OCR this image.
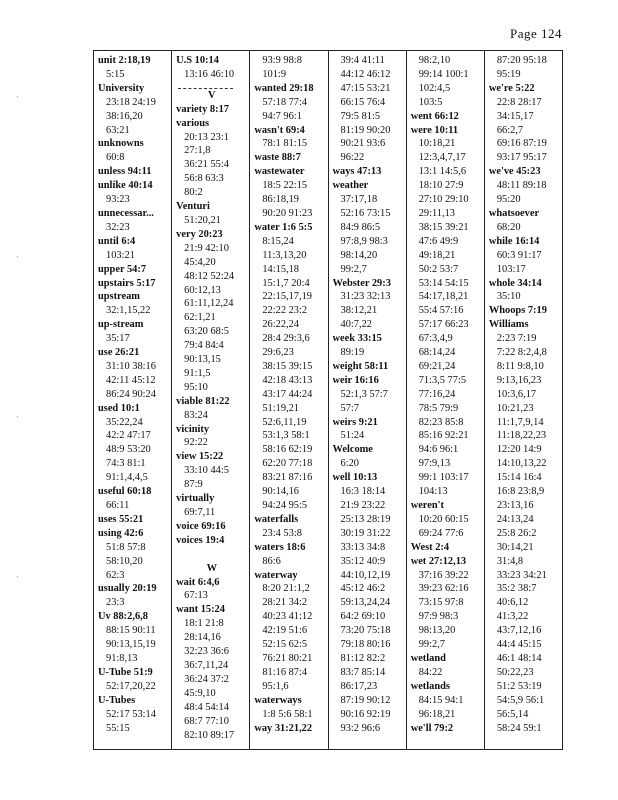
Page 124
·
·
·
·
unit 2:18,19
5:15
University
23:18 24:19
38:16,20
63:21
unknowns
60:8
unless 94:11
unlike 40:14
93:23
unnecessar...
32:23
until 6:4
103:21
upper 54:7
upstairs 5:17
upstream
32:1,15,22
up-stream
35:17
use 26:21
31:10 38:16
42:11 45:12
86:24 90:24
used 10:1
35:22,24
42:2 47:17
48:9 53:20
74:3 81:1
91:1,4,4,5
useful 60:18
66:11
uses 55:21
using 42:6
51:8 57:8
58:10,20
62:3
usually 20:19
23:3
Uv 88:2,6,8
88:15 90:11
90:13,15,19
91:8,13
U-Tube 51:9
52:17,20,22
U-Tubes
52:17 53:14
55:15
U.S 10:14
13:16 46:10
V
variety 8:17
various
20:13 23:1
27:1,8
36:21 55:4
56:8 63:3
80:2
Venturi
51:20,21
very 20:23
21:9 42:10
45:4,20
48:12 52:24
60:12,13
61:11,12,24
62:1,21
63:20 68:5
79:4 84:4
90:13,15
91:1,5
95:10
viable 81:22
83:24
vicinity
92:22
view 15:22
33:10 44:5
87:9
virtually
69:7,11
voice 69:16
voices 19:4

W
wait 6:4,6
67:13
want 15:24
18:1 21:8
28:14,16
32:23 36:6
36:7,11,24
36:24 37:2
45:9,10
48:4 54:14
68:7 77:10
82:10 89:17
93:9 98:8
101:9
wanted 29:18
57:18 77:4
94:7 96:1
wasn't 69:4
78:1 81:15
waste 88:7
wastewater
18:5 22:15
86:18,19
90:20 91:23
water 1:6 5:5
8:15,24
11:3,13,20
14:15,18
15:1,7 20:4
22:15,17,19
22:22 23:2
26:22,24
28:4 29:3,6
29:6,23
38:15 39:15
42:18 43:13
43:17 44:24
51:19,21
52:6,11,19
53:1,3 58:1
58:16 62:19
62:20 77:18
83:21 87:16
90:14,16
94:24 95:5
waterfalls
23:4 53:8
waters 18:6
86:6
waterway
8:20 21:1,2
28:21 34:2
40:23 41:12
42:19 51:6
52:15 62:5
76:21 80:21
81:16 87:4
95:1,6
waterways
1:8 5:6 58:1
way 31:21,22
39:4 41:11
44:12 46:12
47:15 53:21
66:15 76:4
79:5 81:5
81:19 90:20
90:21 93:6
96:22
ways 47:13
weather
37:17,18
52:16 73:15
84:9 86:5
97:8,9 98:3
98:14,20
99:2,7
Webster 29:3
31:23 32:13
38:12,21
40:7,22
week 33:15
89:19
weight 58:11
weir 16:16
52:1,3 57:7
57:7
weirs 9:21
51:24
Welcome
6:20
well 10:13
16:3 18:14
21:9 23:22
25:13 28:19
30:19 31:22
33:13 34:8
35:12 40:9
44:10,12,19
45:12 46:2
59:13,24,24
64:2 69:10
73:20 75:18
79:18 80:16
81:12 82:2
83:7 85:14
86:17,23
87:19 90:12
90:16 92:19
93:2 96:6
98:2,10
99:14 100:1
102:4,5
103:5
went 66:12
were 10:11
10:18,21
12:3,4,7,17
13:1 14:5,6
18:10 27:9
27:10 29:10
29:11,13
38:15 39:21
47:6 49:9
49:18,21
50:2 53:7
53:14 54:15
54:17,18,21
55:4 57:16
57:17 66:23
67:3,4,9
68:14,24
69:21,24
71:3,5 77:5
77:16,24
78:5 79:9
82:23 85:8
85:16 92:21
94:6 96:1
97:9,13
99:1 103:17
104:13
weren't
10:20 60:15
69:24 77:6
West 2:4
wet 27:12,13
37:16 39:22
39:23 62:16
73:15 97:8
97:9 98:3
98:13,20
99:2,7
wetland
84:22
wetlands
84:15 94:1
96:18,21
we'll 79:2
87:20 95:18
95:19
we're 5:22
22:8 28:17
34:15,17
66:2,7
69:16 87:19
93:17 95:17
we've 45:23
48:11 89:18
95:20
whatsoever
68:20
while 16:14
60:3 91:17
103:17
whole 34:14
35:10
Whoops 7:19
Williams
2:23 7:19
7:22 8:2,4,8
8:11 9:8,10
9:13,16,23
10:3,6,17
10:21,23
11:1,7,9,14
11:18,22,23
12:20 14:9
14:10,13,22
15:14 16:4
16:8 23:8,9
23:13,16
24:13,24
25:8 26:2
30:14,21
31:4,8
33:23 34:21
35:2 38:7
40:6,12
41:3,22
43:7,12,16
44:4 45:15
46:1 48:14
50:22,23
51:2 53:19
54:5,9 56:1
56:5,14
58:24 59:1
